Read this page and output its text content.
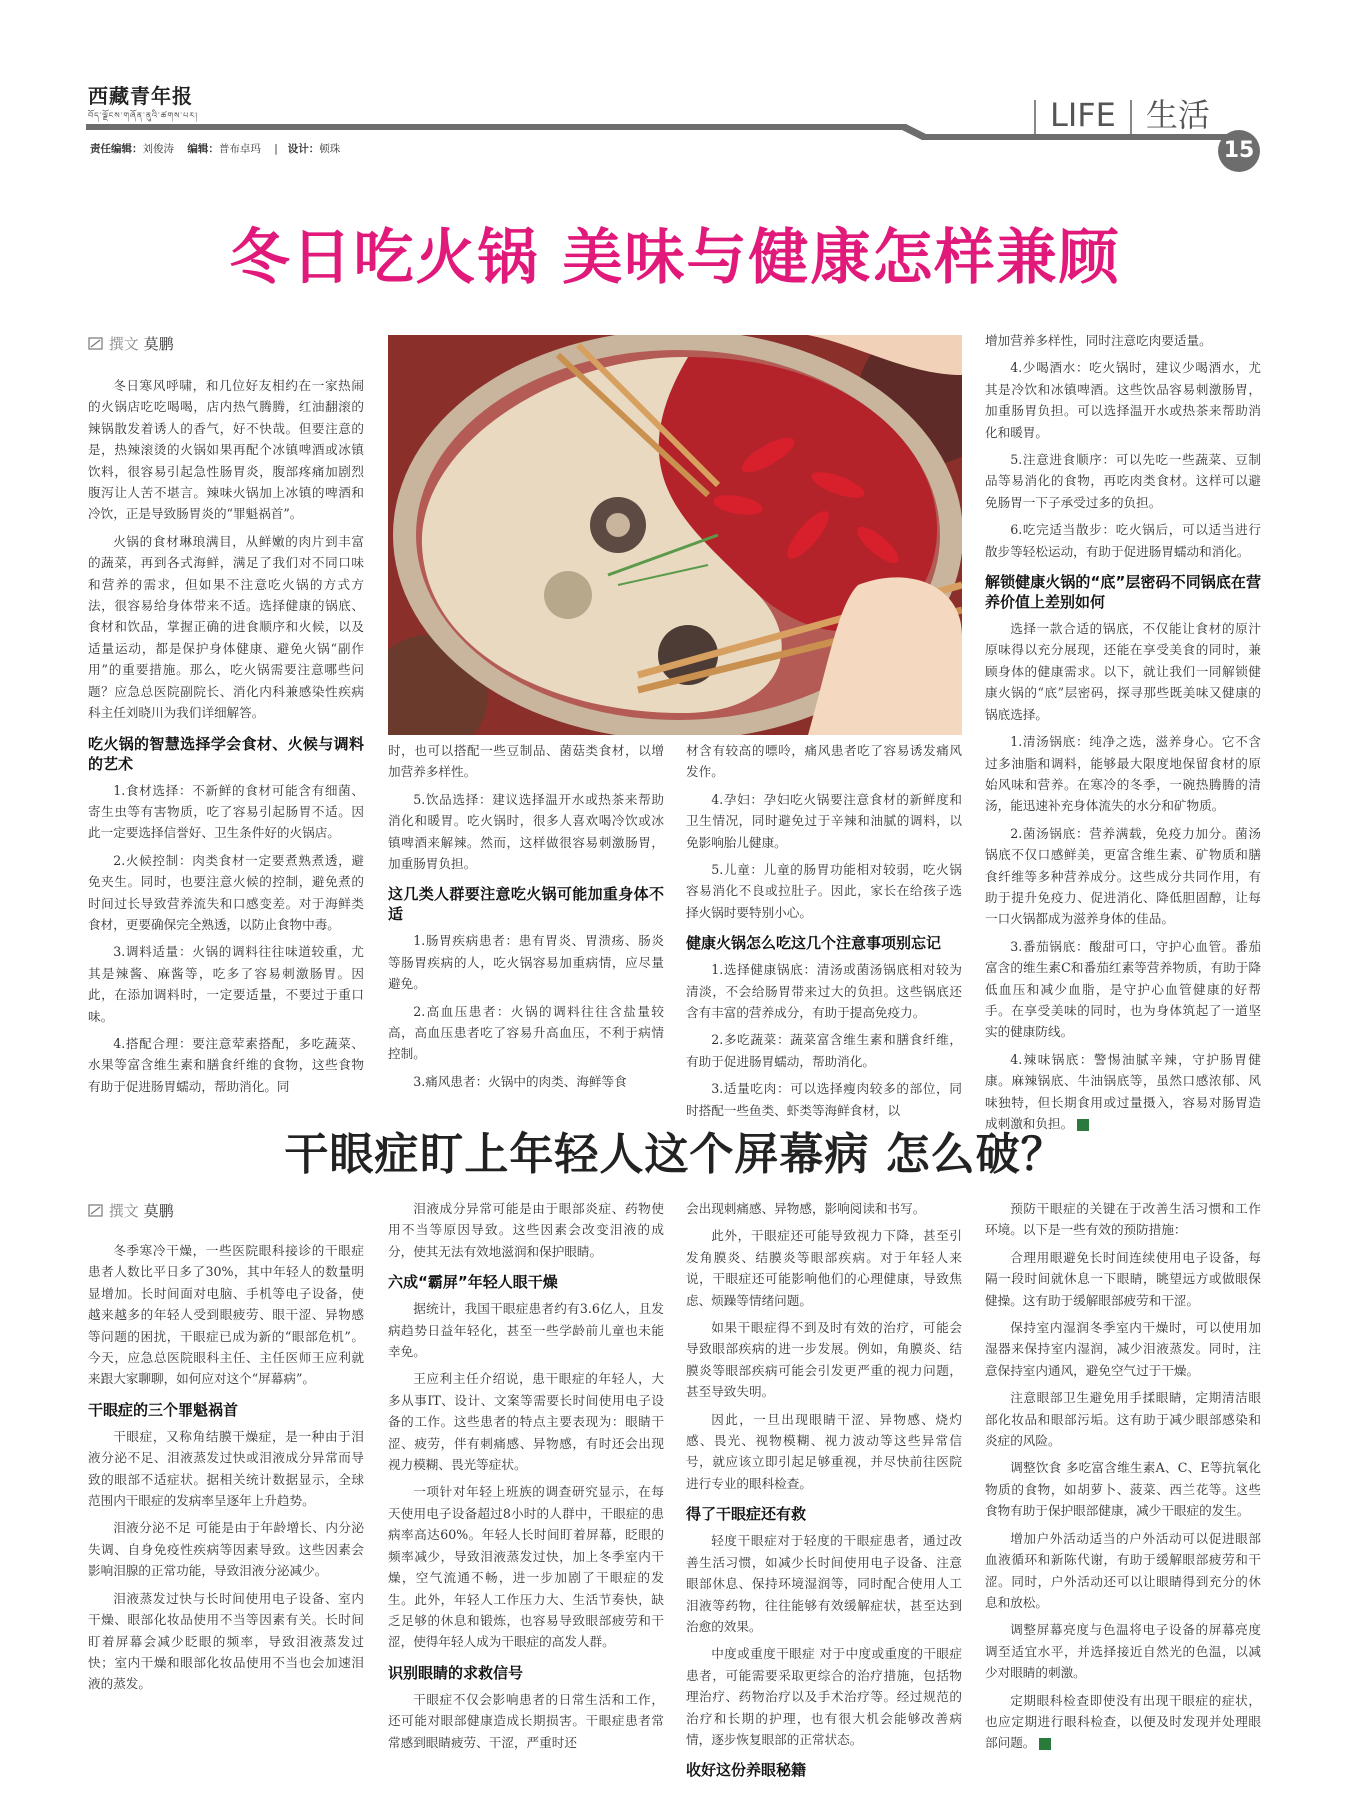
西藏青年报
བོད་ལྗོངས་གཞོན་ནུའི་ཚགས་པར།
责任编辑：刘俊涛 编辑：普布卓玛    |   设计：顿珠
LIFE 生活
15
冬日吃火锅 美味与健康怎样兼顾
撰文 莫鹏

冬日寒风呼啸，和几位好友相约在一家热闹的火锅店吃吃喝喝，店内热气腾腾，红油翻滚的辣锅散发着诱人的香气，好不快哉。但要注意的是，热辣滚烫的火锅如果再配个冰镇啤酒或冰镇饮料，很容易引起急性肠胃炎，腹部疼痛加剧烈腹泻让人苦不堪言。辣味火锅加上冰镇的啤酒和冷饮，正是导致肠胃炎的“罪魁祸首”。

火锅的食材琳琅满目，从鲜嫩的肉片到丰富的蔬菜，再到各式海鲜，满足了我们对不同口味和营养的需求，但如果不注意吃火锅的方式方法，很容易给身体带来不适。选择健康的锅底、食材和饮品，掌握正确的进食顺序和火候，以及适量运动，都是保护身体健康、避免火锅“副作用”的重要措施。那么，吃火锅需要注意哪些问题？应急总医院副院长、消化内科兼感染性疾病科主任刘晓川为我们详细解答。

吃火锅的智慧选择学会食材、火候与调料的艺术

1.食材选择：不新鲜的食材可能含有细菌、寄生虫等有害物质，吃了容易引起肠胃不适。因此一定要选择信誉好、卫生条件好的火锅店。

2.火候控制：肉类食材一定要煮熟煮透，避免夹生。同时，也要注意火候的控制，避免煮的时间过长导致营养流失和口感变差。对于海鲜类食材，更要确保完全熟透，以防止食物中毒。

3.调料适量：火锅的调料往往味道较重，尤其是辣酱、麻酱等，吃多了容易刺激肠胃。因此，在添加调料时，一定要适量，不要过于重口味。

4.搭配合理：要注意荤素搭配，多吃蔬菜、水果等富含维生素和膳食纤维的食物，这些食物有助于促进肠胃蠕动，帮助消化。同

时，也可以搭配一些豆制品、菌菇类食材，以增加营养多样性。

5.饮品选择：建议选择温开水或热茶来帮助消化和暖胃。吃火锅时，很多人喜欢喝冷饮或冰镇啤酒来解辣。然而，这样做很容易刺激肠胃，加重肠胃负担。

这几类人群要注意吃火锅可能加重身体不适

1.肠胃疾病患者：患有胃炎、胃溃疡、肠炎等肠胃疾病的人，吃火锅容易加重病情，应尽量避免。

2.高血压患者：火锅的调料往往含盐量较高，高血压患者吃了容易升高血压，不利于病情控制。

3.痛风患者：火锅中的肉类、海鲜等食

材含有较高的嘌呤，痛风患者吃了容易诱发痛风发作。

4.孕妇：孕妇吃火锅要注意食材的新鲜度和卫生情况，同时避免过于辛辣和油腻的调料，以免影响胎儿健康。

5.儿童：儿童的肠胃功能相对较弱，吃火锅容易消化不良或拉肚子。因此，家长在给孩子选择火锅时要特别小心。

健康火锅怎么吃这几个注意事项别忘记

1.选择健康锅底：清汤或菌汤锅底相对较为清淡，不会给肠胃带来过大的负担。这些锅底还含有丰富的营养成分，有助于提高免疫力。

2.多吃蔬菜：蔬菜富含维生素和膳食纤维，有助于促进肠胃蠕动，帮助消化。

3.适量吃肉：可以选择瘦肉较多的部位，同时搭配一些鱼类、虾类等海鲜食材，以

增加营养多样性，同时注意吃肉要适量。

4.少喝酒水：吃火锅时，建议少喝酒水，尤其是冷饮和冰镇啤酒。这些饮品容易刺激肠胃，加重肠胃负担。可以选择温开水或热茶来帮助消化和暖胃。

5.注意进食顺序：可以先吃一些蔬菜、豆制品等易消化的食物，再吃肉类食材。这样可以避免肠胃一下子承受过多的负担。

6.吃完适当散步：吃火锅后，可以适当进行散步等轻松运动，有助于促进肠胃蠕动和消化。

解锁健康火锅的“底”层密码不同锅底在营养价值上差别如何

选择一款合适的锅底，不仅能让食材的原汁原味得以充分展现，还能在享受美食的同时，兼顾身体的健康需求。以下，就让我们一同解锁健康火锅的“底”层密码，探寻那些既美味又健康的锅底选择。

1.清汤锅底：纯净之选，滋养身心。它不含过多油脂和调料，能够最大限度地保留食材的原始风味和营养。在寒冷的冬季，一碗热腾腾的清汤，能迅速补充身体流失的水分和矿物质。

2.菌汤锅底：营养满载，免疫力加分。菌汤锅底不仅口感鲜美，更富含维生素、矿物质和膳食纤维等多种营养成分。这些成分共同作用，有助于提升免疫力、促进消化、降低胆固醇，让每一口火锅都成为滋养身体的佳品。

3.番茄锅底：酸甜可口，守护心血管。番茄富含的维生素C和番茄红素等营养物质，有助于降低血压和减少血脂，是守护心血管健康的好帮手。在享受美味的同时，也为身体筑起了一道坚实的健康防线。

4.辣味锅底：警惕油腻辛辣，守护肠胃健康。麻辣锅底、牛油锅底等，虽然口感浓郁、风味独特，但长期食用或过量摄入，容易对肠胃造成刺激和负担。	■

干眼症盯上年轻人这个屏幕病 怎么破？
撰文 莫鹏

冬季寒冷干燥，一些医院眼科接诊的干眼症患者人数比平日多了30%，其中年轻人的数量明显增加。长时间面对电脑、手机等电子设备，使越来越多的年轻人受到眼疲劳、眼干涩、异物感等问题的困扰，干眼症已成为新的“眼部危机”。今天，应急总医院眼科主任、主任医师王应利就来跟大家聊聊，如何应对这个“屏幕病”。

干眼症的三个罪魁祸首

干眼症，又称角结膜干燥症，是一种由于泪液分泌不足、泪液蒸发过快或泪液成分异常而导致的眼部不适症状。据相关统计数据显示，全球范围内干眼症的发病率呈逐年上升趋势。

泪液分泌不足 可能是由于年龄增长、内分泌失调、自身免疫性疾病等因素导致。这些因素会影响泪腺的正常功能，导致泪液分泌减少。

泪液蒸发过快与长时间使用电子设备、室内干燥、眼部化妆品使用不当等因素有关。长时间盯着屏幕会减少眨眼的频率，导致泪液蒸发过快；室内干燥和眼部化妆品使用不当也会加速泪液的蒸发。

泪液成分异常可能是由于眼部炎症、药物使用不当等原因导致。这些因素会改变泪液的成分，使其无法有效地滋润和保护眼睛。

六成“霸屏”年轻人眼干燥

据统计，我国干眼症患者约有3.6亿人，且发病趋势日益年轻化，甚至一些学龄前儿童也未能幸免。

王应利主任介绍说，患干眼症的年轻人，大多从事IT、设计、文案等需要长时间使用电子设备的工作。这些患者的特点主要表现为：眼睛干涩、疲劳，伴有刺痛感、异物感，有时还会出现视力模糊、畏光等症状。

一项针对年轻上班族的调查研究显示，在每天使用电子设备超过8小时的人群中，干眼症的患病率高达60%。年轻人长时间盯着屏幕，眨眼的频率减少，导致泪液蒸发过快，加上冬季室内干燥，空气流通不畅，进一步加剧了干眼症的发生。此外，年轻人工作压力大、生活节奏快，缺乏足够的休息和锻炼，也容易导致眼部疲劳和干涩，使得年轻人成为干眼症的高发人群。

识别眼睛的求救信号

干眼症不仅会影响患者的日常生活和工作，还可能对眼部健康造成长期损害。干眼症患者常常感到眼睛疲劳、干涩，严重时还

会出现刺痛感、异物感，影响阅读和书写。

此外，干眼症还可能导致视力下降，甚至引发角膜炎、结膜炎等眼部疾病。对于年轻人来说，干眼症还可能影响他们的心理健康，导致焦虑、烦躁等情绪问题。

如果干眼症得不到及时有效的治疗，可能会导致眼部疾病的进一步发展。例如，角膜炎、结膜炎等眼部疾病可能会引发更严重的视力问题，甚至导致失明。

因此，一旦出现眼睛干涩、异物感、烧灼感、畏光、视物模糊、视力波动等这些异常信号，就应该立即引起足够重视，并尽快前往医院进行专业的眼科检查。

得了干眼症还有救

轻度干眼症对于轻度的干眼症患者，通过改善生活习惯，如减少长时间使用电子设备、注意眼部休息、保持环境湿润等，同时配合使用人工泪液等药物，往往能够有效缓解症状，甚至达到治愈的效果。

中度或重度干眼症 对于中度或重度的干眼症患者，可能需要采取更综合的治疗措施，包括物理治疗、药物治疗以及手术治疗等。经过规范的治疗和长期的护理，也有很大机会能够改善病情，逐步恢复眼部的正常状态。

收好这份养眼秘籍

预防干眼症的关键在于改善生活习惯和工作环境。以下是一些有效的预防措施：

合理用眼避免长时间连续使用电子设备，每隔一段时间就休息一下眼睛，眺望远方或做眼保健操。这有助于缓解眼部疲劳和干涩。

保持室内湿润冬季室内干燥时，可以使用加湿器来保持室内湿润，减少泪液蒸发。同时，注意保持室内通风，避免空气过于干燥。

注意眼部卫生避免用手揉眼睛，定期清洁眼部化妆品和眼部污垢。这有助于减少眼部感染和炎症的风险。

调整饮食 多吃富含维生素A、C、E等抗氧化物质的食物，如胡萝卜、菠菜、西兰花等。这些食物有助于保护眼部健康，减少干眼症的发生。

增加户外活动适当的户外活动可以促进眼部血液循环和新陈代谢，有助于缓解眼部疲劳和干涩。同时，户外活动还可以让眼睛得到充分的休息和放松。

调整屏幕亮度与色温将电子设备的屏幕亮度调至适宜水平，并选择接近自然光的色温，以减少对眼睛的刺激。

定期眼科检查即使没有出现干眼症的症状，也应定期进行眼科检查，以便及时发现并处理眼部问题。	■
